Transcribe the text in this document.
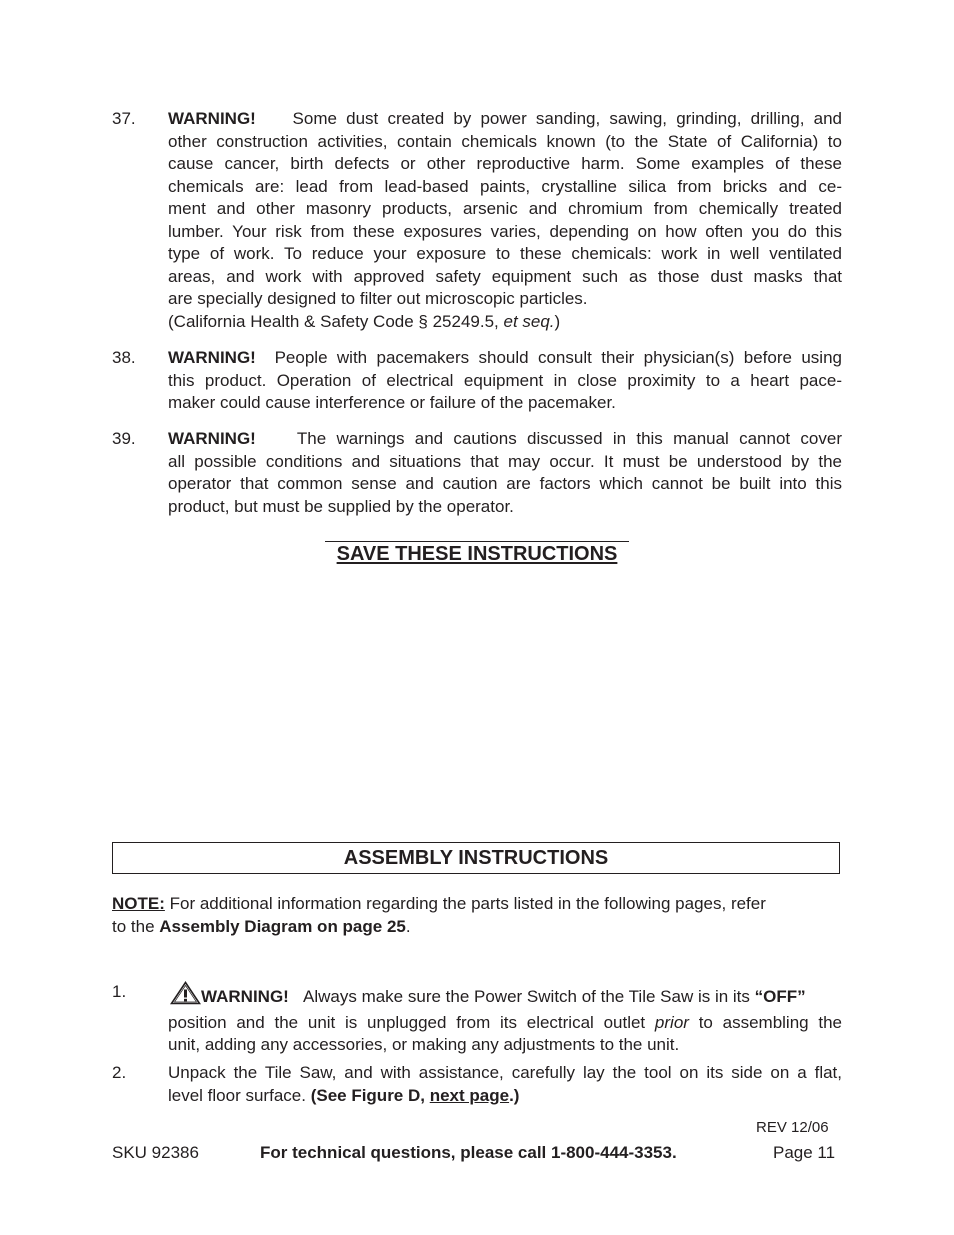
37. WARNING! Some dust created by power sanding, sawing, grinding, drilling, and
other construction activities, contain chemicals known (to the State of California) to
cause cancer, birth defects or other reproductive harm. Some examples of these
chemicals are: lead from lead-based paints, crystalline silica from bricks and ce-
ment and other masonry products, arsenic and chromium from chemically treated
lumber. Your risk from these exposures varies, depending on how often you do this
type of work. To reduce your exposure to these chemicals: work in well ventilated
areas, and work with approved safety equipment such as those dust masks that
are specially designed to filter out microscopic particles.
(California Health & Safety Code § 25249.5, et seq.)
38. WARNING! People with pacemakers should consult their physician(s) before using
this product. Operation of electrical equipment in close proximity to a heart pace-
maker could cause interference or failure of the pacemaker.
39. WARNING! The warnings and cautions discussed in this manual cannot cover
all possible conditions and situations that may occur. It must be understood by the
operator that common sense and caution are factors which cannot be built into this
product, but must be supplied by the operator.
SAVE THESE INSTRUCTIONS
ASSEMBLY INSTRUCTIONS
NOTE: For additional information regarding the parts listed in the following pages, refer
to the Assembly Diagram on page 25.
1.	WARNING! Always make sure the Power Switch of the Tile Saw is in its “OFF”
position and the unit is unplugged from its electrical outlet prior to assembling the
unit, adding any accessories, or making any adjustments to the unit.
2. Unpack the Tile Saw, and with assistance, carefully lay the tool on its side on a flat,
level floor surface. (See Figure D, next page.)
REV 12/06
SKU 92386	For technical questions, please call 1-800-444-3353.	Page 11
